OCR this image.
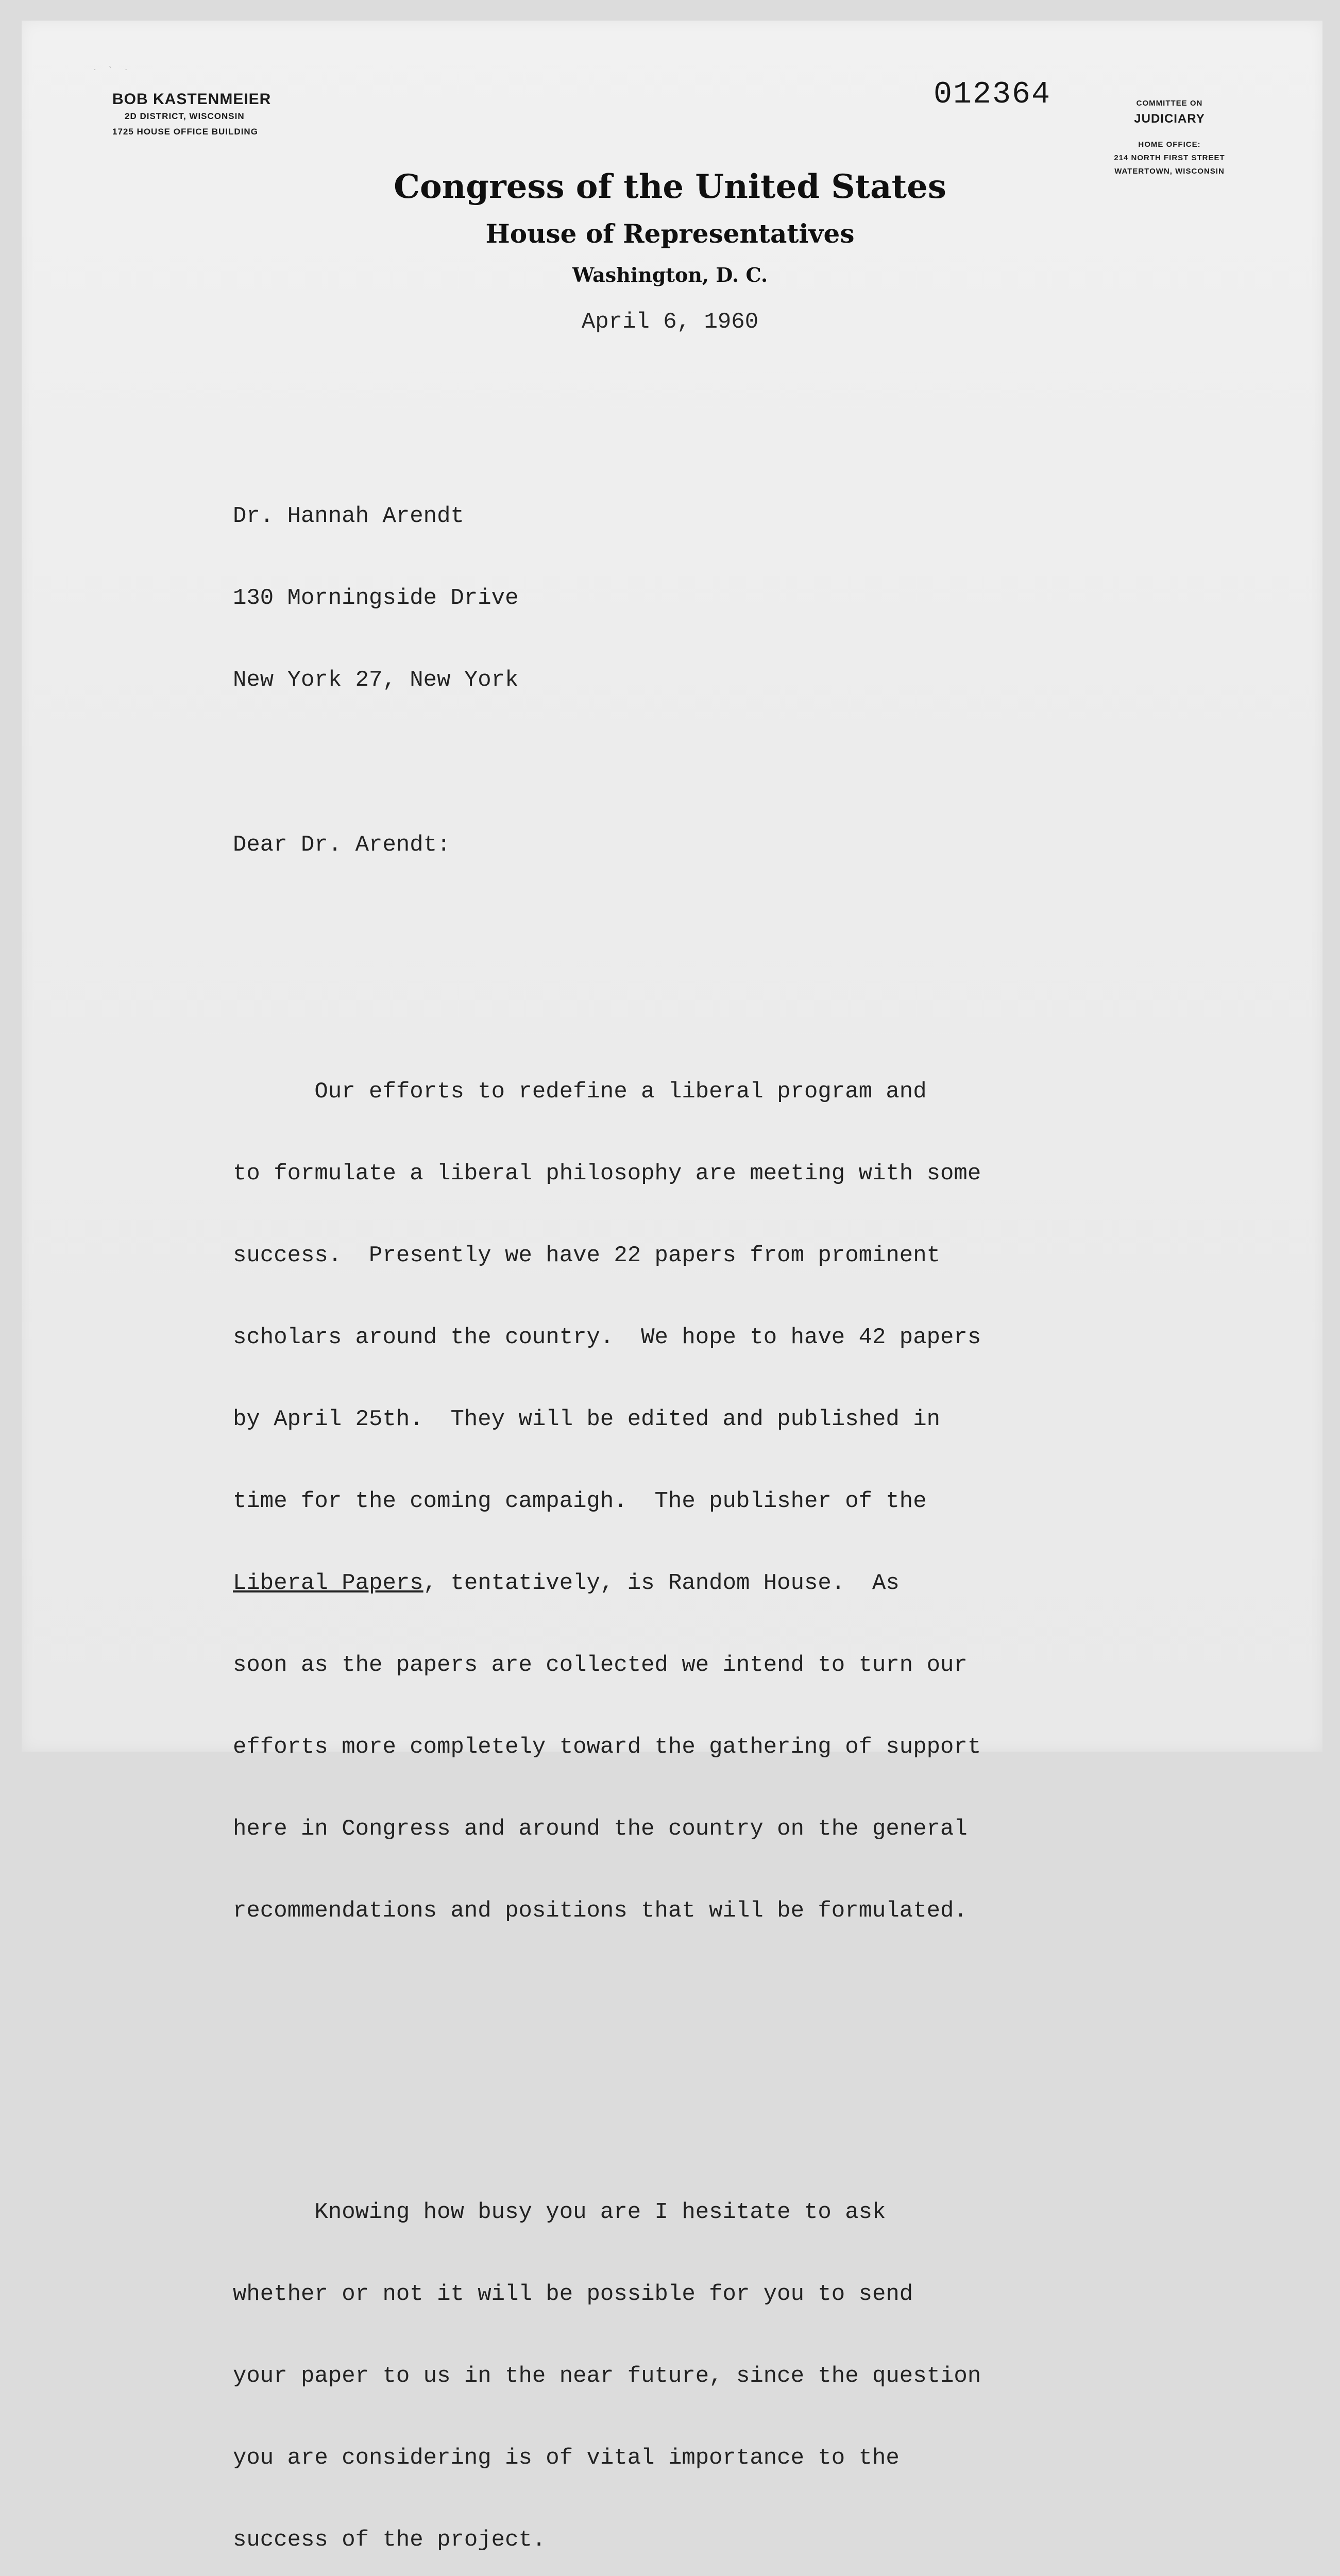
· ` ·
BOB KASTENMEIER
2D DISTRICT, WISCONSIN
1725 HOUSE OFFICE BUILDING
012364	COMMITTEE ON
JUDICIARY
HOME OFFICE:
214 NORTH FIRST STREET
WATERTOWN, WISCONSIN
Congress of the United States
House of Representatives
Washington, D. C.
April 6, 1960

Dr. Hannah Arendt

130 Morningside Drive

New York 27, New York

Dear Dr. Arendt:

Our efforts to redefine a liberal program and

to formulate a liberal philosophy are meeting with some

success.  Presently we have 22 papers from prominent

scholars around the country.  We hope to have 42 papers

by April 25th.  They will be edited and published in

time for the coming campaigh.  The publisher of the

Liberal Papers, tentatively, is Random House.  As

soon as the papers are collected we intend to turn our

efforts more completely toward the gathering of support

here in Congress and around the country on the general

recommendations and positions that will be formulated.

Knowing how busy you are I hesitate to ask

whether or not it will be possible for you to send

your paper to us in the near future, since the question

you are considering is of vital importance to the

success of the project.
